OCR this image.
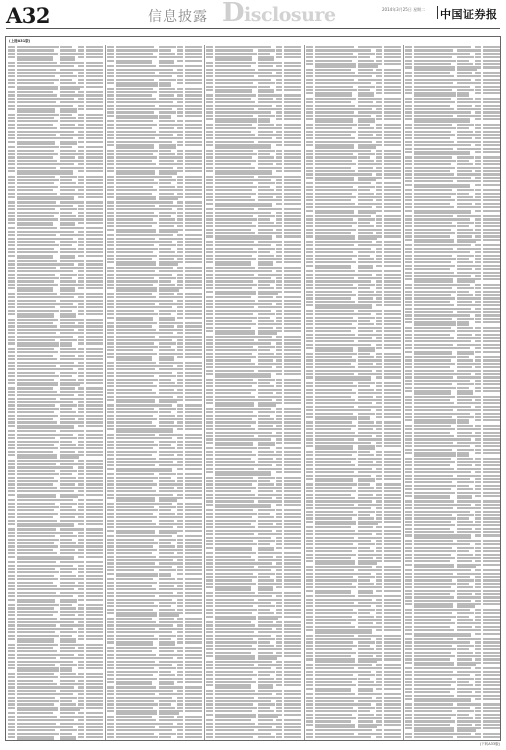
A32	信息披露 Disclosure	2014年3月25日 星期二 中国证券报
(上接A31版)
(下转A33版)
